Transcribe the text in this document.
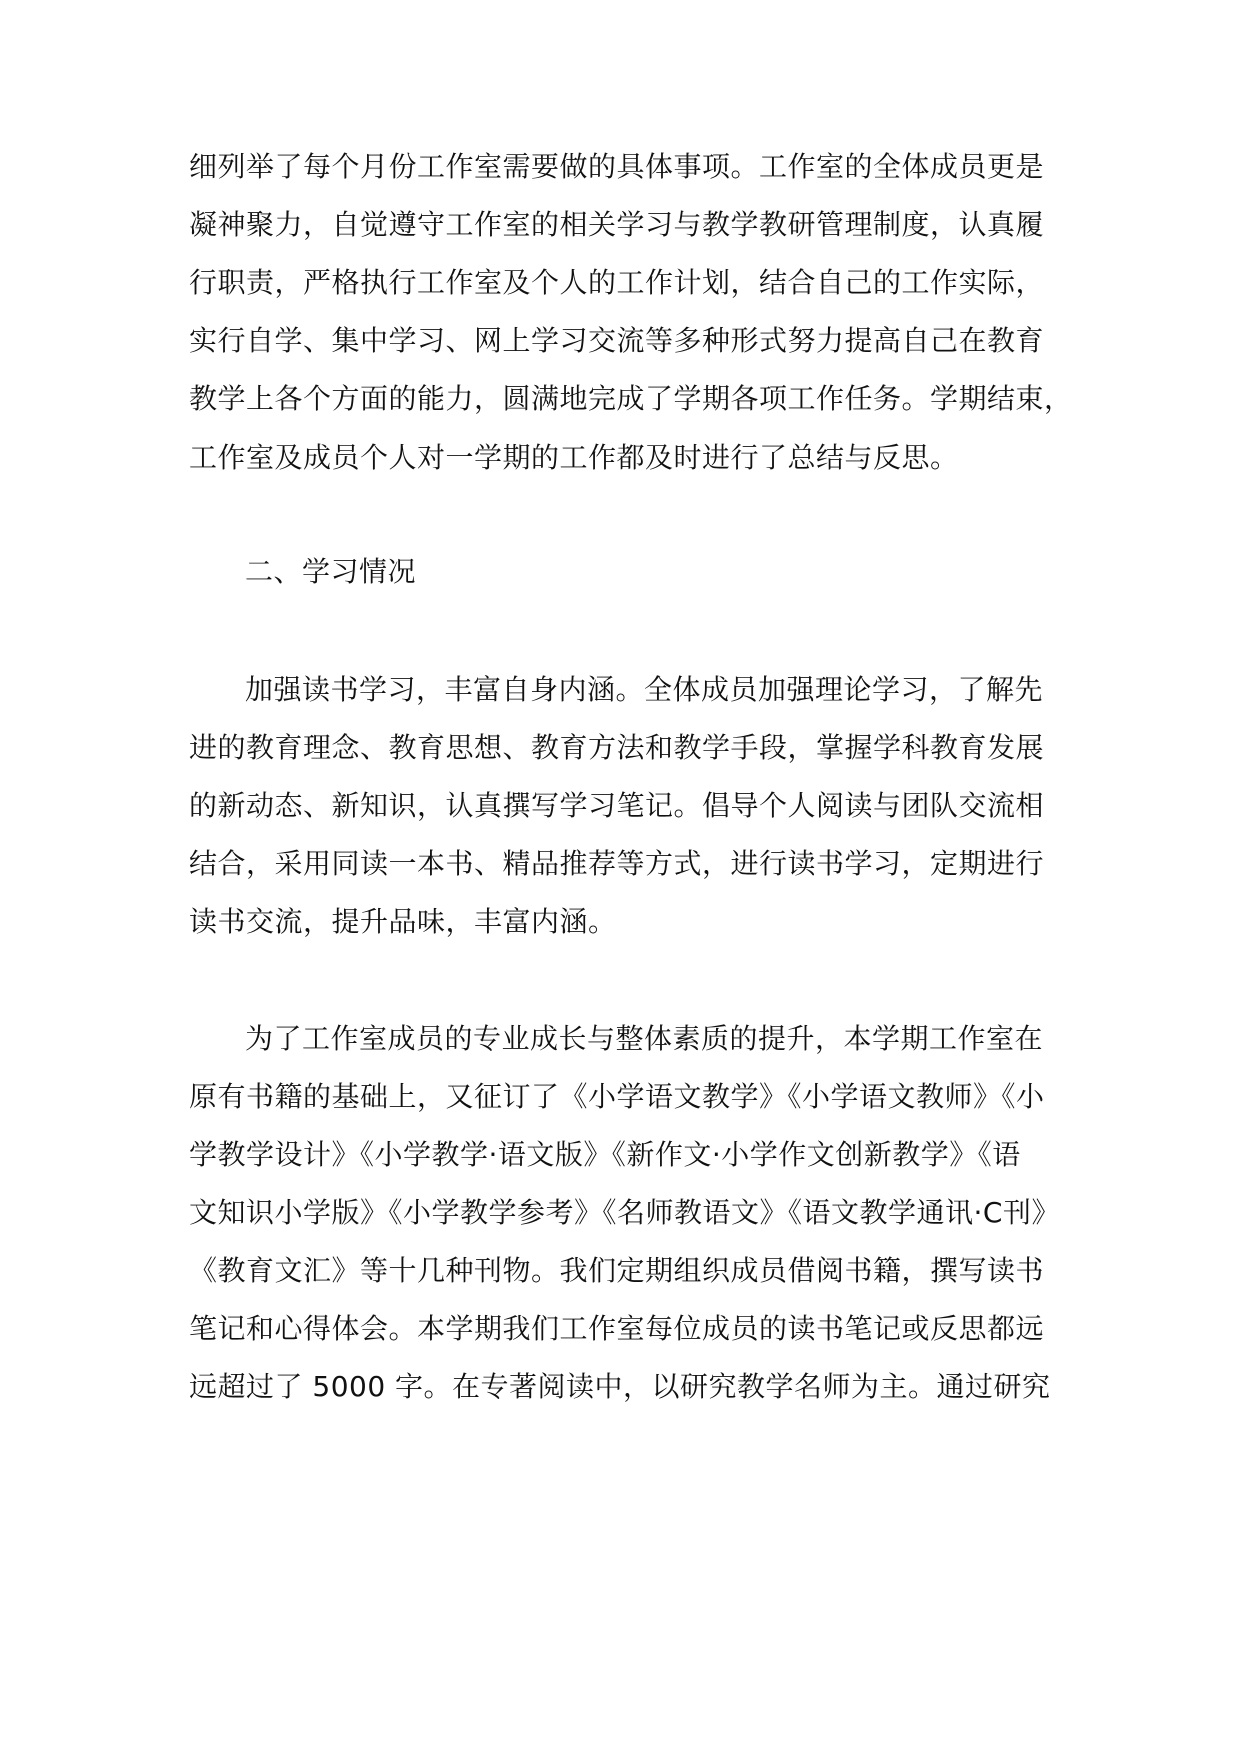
细列举了每个月份工作室需要做的具体事项。工作室的全体成员更是

凝神聚力，自觉遵守工作室的相关学习与教学教研管理制度，认真履

行职责，严格执行工作室及个人的工作计划，结合自己的工作实际，

实行自学、集中学习、网上学习交流等多种形式努力提高自己在教育

教学上各个方面的能力，圆满地完成了学期各项工作任务。学期结束，

工作室及成员个人对一学期的工作都及时进行了总结与反思。

二、学习情况

加强读书学习，丰富自身内涵。全体成员加强理论学习，了解先

进的教育理念、教育思想、教育方法和教学手段，掌握学科教育发展

的新动态、新知识，认真撰写学习笔记。倡导个人阅读与团队交流相

结合，采用同读一本书、精品推荐等方式，进行读书学习，定期进行

读书交流，提升品味，丰富内涵。

为了工作室成员的专业成长与整体素质的提升，本学期工作室在

原有书籍的基础上，又征订了《小学语文教学》《小学语文教师》《小

学教学设计》《小学教学·语文版》《新作文·小学作文创新教学》《语

文知识小学版》《小学教学参考》《名师教语文》《语文教学通讯·C刊》

《教育文汇》等十几种刊物。我们定期组织成员借阅书籍，撰写读书

笔记和心得体会。本学期我们工作室每位成员的读书笔记或反思都远

远超过了 5000 字。在专著阅读中，以研究教学名师为主。通过研究
